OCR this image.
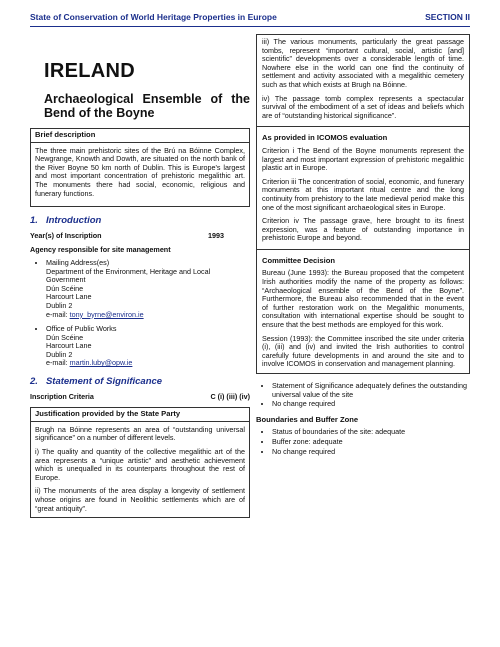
State of Conservation of World Heritage Properties in Europe	SECTION II
IRELAND
Archaeological Ensemble of the Bend of the Boyne
Brief description

The three main prehistoric sites of the Brú na Bóinne Complex, Newgrange, Knowth and Dowth, are situated on the north bank of the River Boyne 50 km north of Dublin. This is Europe's largest and most important concentration of prehistoric megalithic art. The monuments there had social, economic, religious and funerary functions.

1. Introduction
Year(s) of Inscription	1993
Agency responsible for site management
• Mailing Address(es)
Department of the Environment, Heritage and Local Government
Dún Scéine
Harcourt Lane
Dublin 2
e-mail: tony_byrne@environ.ie
• Office of Public Works
Dún Scéine
Harcourt Lane
Dublin 2
e-mail: martin.luby@opw.ie
2. Statement of Significance
Inscription Criteria	C (i) (iii) (iv)
Justification provided by the State Party

Brugh na Bóinne represents an area of “outstanding universal significance” on a number of different levels.

i) The quality and quantity of the collective megalithic art of the area represents a “unique artistic” and aesthetic achievement which is unequalled in its counterparts throughout the rest of Europe.

ii) The monuments of the area display a longevity of settlement whose origins are found in Neolithic settlements which are of “great antiquity”.

iii) The various monuments, particularly the great passage tombs, represent “important cultural, social, artistic [and] scientific” developments over a considerable length of time. Nowhere else in the world can one find the continuity of settlement and activity associated with a megalithic cemetery such as that which exists at Brugh na Bóinne.

iv) The passage tomb complex represents a spectacular survival of the embodiment of a set of ideas and beliefs which are of “outstanding historical significance”.

As provided in ICOMOS evaluation

Criterion i The Bend of the Boyne monuments represent the largest and most important expression of prehistoric megalithic plastic art in Europe.

Criterion iii The concentration of social, economic, and funerary monuments at this important ritual centre and the long continuity from prehistory to the late medieval period make this one of the most significant archaeological sites in Europe.

Criterion iv The passage grave, here brought to its finest expression, was a feature of outstanding importance in prehistoric Europe and beyond.

Committee Decision

Bureau (June 1993): the Bureau proposed that the competent Irish authorities modify the name of the property as follows: “Archaeological ensemble of the Bend of the Boyne”. Furthermore, the Bureau also recommended that in the event of further restoration work on the Megalithic monuments, consultation with international expertise should be sought to ensure that the best methods are employed for this work.

Session (1993): the Committee inscribed the site under criteria (i), (iii) and (iv) and invited the Irish authorities to control carefully future developments in and around the site and to involve ICOMOS in conservation and management planning.

• Statement of Significance adequately defines the outstanding universal value of the site
• No change required
Boundaries and Buffer Zone
• Status of boundaries of the site: adequate
• Buffer zone: adequate
• No change required
